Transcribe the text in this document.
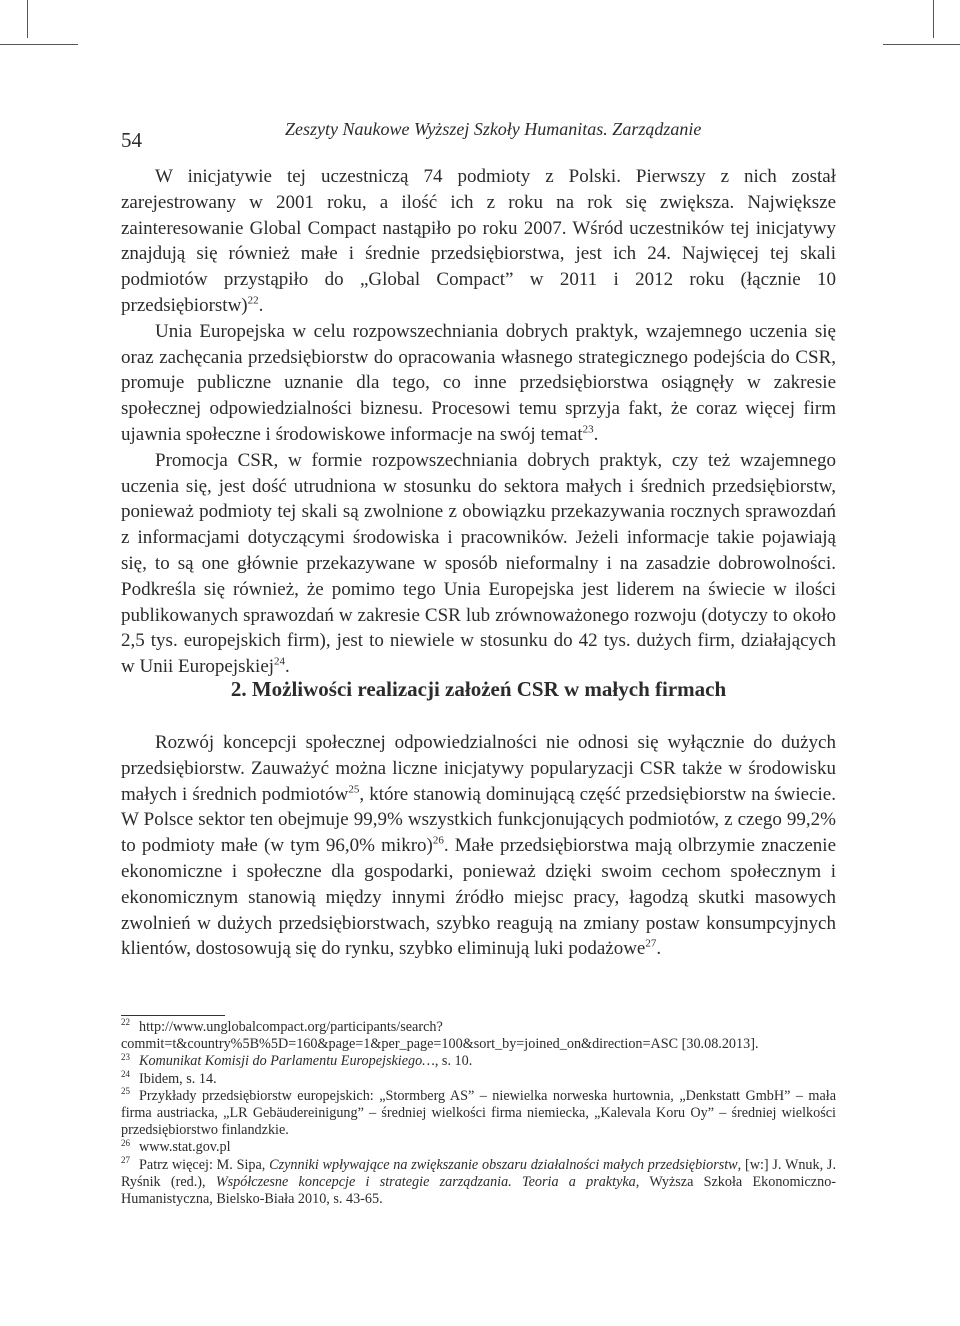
54	Zeszyty Naukowe Wyższej Szkoły Humanitas. Zarządzanie

W inicjatywie tej uczestniczą 74 podmioty z Polski. Pierwszy z nich został zarejestrowany w 2001 roku, a ilość ich z roku na rok się zwiększa. Największe zainteresowanie Global Compact nastąpiło po roku 2007. Wśród uczestników tej inicjatywy znajdują się również małe i średnie przedsiębiorstwa, jest ich 24. Najwięcej tej skali podmiotów przystąpiło do „Global Compact” w 2011 i 2012 roku (łącznie 10 przedsiębiorstw)$^{22}$.

Unia Europejska w celu rozpowszechniania dobrych praktyk, wzajemnego uczenia się oraz zachęcania przedsiębiorstw do opracowania własnego strategicznego podejścia do CSR, promuje publiczne uznanie dla tego, co inne przedsiębiorstwa osiągnęły w zakresie społecznej odpowiedzialności biznesu. Procesowi temu sprzyja fakt, że coraz więcej firm ujawnia społeczne i środowiskowe informacje na swój temat$^{23}$.

Promocja CSR, w formie rozpowszechniania dobrych praktyk, czy też wzajemnego uczenia się, jest dość utrudniona w stosunku do sektora małych i średnich przedsiębiorstw, ponieważ podmioty tej skali są zwolnione z obowiązku przekazywania rocznych sprawozdań z informacjami dotyczącymi środowiska i pracowników. Jeżeli informacje takie pojawiają się, to są one głównie przekazywane w sposób nieformalny i na zasadzie dobrowolności. Podkreśla się również, że pomimo tego Unia Europejska jest liderem na świecie w ilości publikowanych sprawozdań w zakresie CSR lub zrównoważonego rozwoju (dotyczy to około 2,5 tys. europejskich firm), jest to niewiele w stosunku do 42 tys. dużych firm, działających w Unii Europejskiej$^{24}$.

2. Możliwości realizacji założeń CSR w małych firmach

Rozwój koncepcji społecznej odpowiedzialności nie odnosi się wyłącznie do dużych przedsiębiorstw. Zauważyć można liczne inicjatywy popularyzacji CSR także w środowisku małych i średnich podmiotów$^{25}$, które stanowią dominującą część przedsiębiorstw na świecie. W Polsce sektor ten obejmuje 99,9% wszystkich funkcjonujących podmiotów, z czego 99,2% to podmioty małe (w tym 96,0% mikro)$^{26}$. Małe przedsiębiorstwa mają olbrzymie znaczenie ekonomiczne i społeczne dla gospodarki, ponieważ dzięki swoim cechom społecznym i ekonomicznym stanowią między innymi źródło miejsc pracy, łagodzą skutki masowych zwolnień w dużych przedsiębiorstwach, szybko reagują na zmiany postaw konsumpcyjnych klientów, dostosowują się do rynku, szybko eliminują luki podażowe$^{27}$.

$^{22}$ http://www.unglobalcompact.org/participants/search?commit=t&country%5B%5D=160&page=1&per_page=100&sort_by=joined_on&direction=ASC [30.08.2013].

$^{23}$ Komunikat Komisji do Parlamentu Europejskiego…, s. 10.

$^{24}$ Ibidem, s. 14.

$^{25}$ Przykłady przedsiębiorstw europejskich: „Stormberg AS” – niewielka norweska hurtownia, „Denkstatt GmbH” – mała firma austriacka, „LR Gebäudereinigung” – średniej wielkości firma niemiecka, „Kalevala Koru Oy” – średniej wielkości przedsiębiorstwo finlandzkie.

$^{26}$ www.stat.gov.pl

$^{27}$ Patrz więcej: M. Sipa, Czynniki wpływające na zwiększanie obszaru działalności małych przedsiębiorstw, [w:] J. Wnuk, J. Ryśnik (red.), Współczesne koncepcje i strategie zarządzania. Teoria a praktyka, Wyższa Szkoła Ekonomiczno-Humanistyczna, Bielsko-Biała 2010, s. 43-65.
